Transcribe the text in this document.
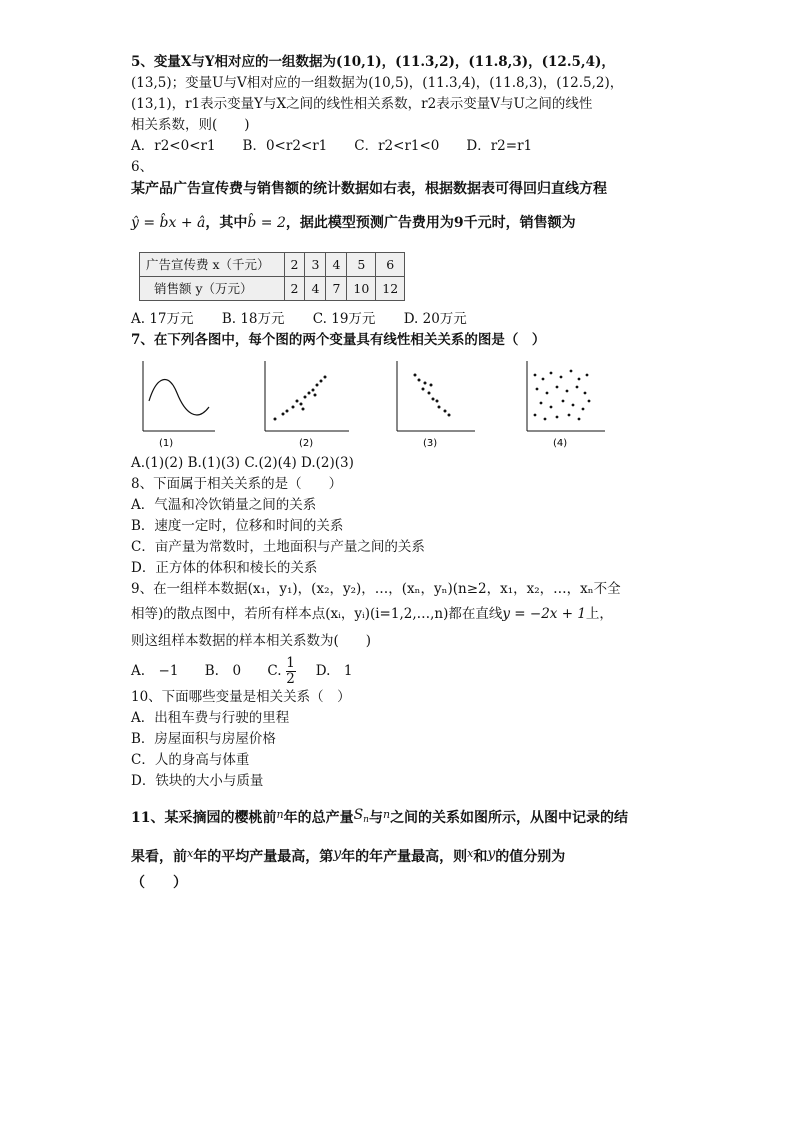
5、变量X与Y相对应的一组数据为(10,1)，(11.3,2)，(11.8,3)，(12.5,4)，
(13,5)；变量U与V相对应的一组数据为(10,5)，(11.3,4)，(11.8,3)，(12.5,2)，
(13,1)，r1表示变量Y与X之间的线性相关系数，r2表示变量V与U之间的线性
相关系数，则(　　)
A．r2<0<r1　　B．0<r2<r1　　C．r2<r1<0　　D．r2=r1
6、
某产品广告宣传费与销售额的统计数据如右表，根据数据表可得回归直线方程
ŷ = b̂x + â，其中b̂ = 2，据此模型预测广告费用为9千元时，销售额为
广告宣传费 x（千元）	2	3	4	5	6
销售额 y（万元）	2	4	7	10	12
A. 17万元 B. 18万元 C. 19万元 D. 20万元
7、在下列各图中，每个图的两个变量具有线性相关关系的图是（　）
(1)	(2)	(3)	(4)
A.(1)(2) B.(1)(3) C.(2)(4) D.(2)(3)
8、下面属于相关关系的是（　　）
A．气温和冷饮销量之间的关系
B．速度一定时，位移和时间的关系
C．亩产量为常数时，土地面积与产量之间的关系
D．正方体的体积和棱长的关系
9、在一组样本数据(x₁，y₁)，(x₂，y₂)，…，(xₙ，yₙ)(n≥2，x₁，x₂，…，xₙ不全
相等)的散点图中，若所有样本点(xᵢ，yᵢ)(i=1,2,…,n)都在直线y = −2x + 1上，
则这组样本数据的样本相关系数为(　　)
A.　−1 B.　0 C. $\frac{1}{2} D$.　1
10、下面哪些变量是相关关系（　）
A．出租车费与行驶的里程
B．房屋面积与房屋价格
C．人的身高与体重
D．铁块的大小与质量
11、某采摘园的樱桃前$^n$年的总产量$S_n$与$^n$之间的关系如图所示，从图中记录的结
果看，前$^x$年的平均产量最高，第y年的年产量最高，则$^x$和y的值分别为
（　　）
